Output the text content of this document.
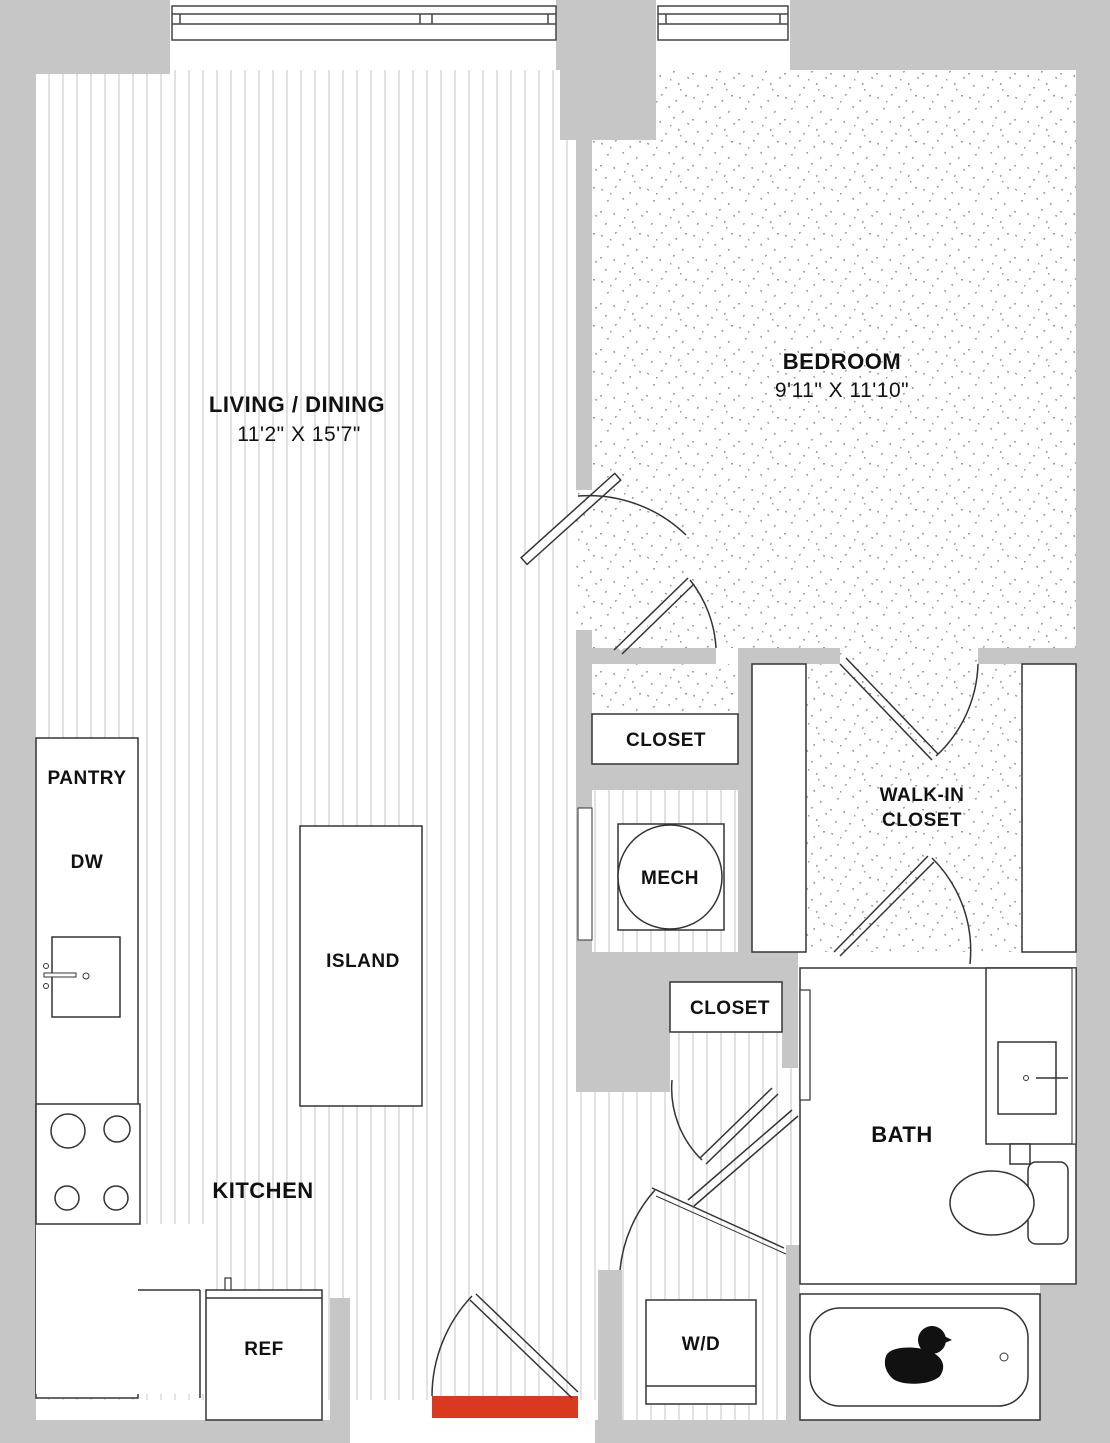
LIVING / DINING
11'2" X 15'7"
BEDROOM
9'11" X 11'10"
CLOSET
WALK-IN
CLOSET
MECH
CLOSET
BATH
KITCHEN
PANTRY
DW
ISLAND
REF	W/D
